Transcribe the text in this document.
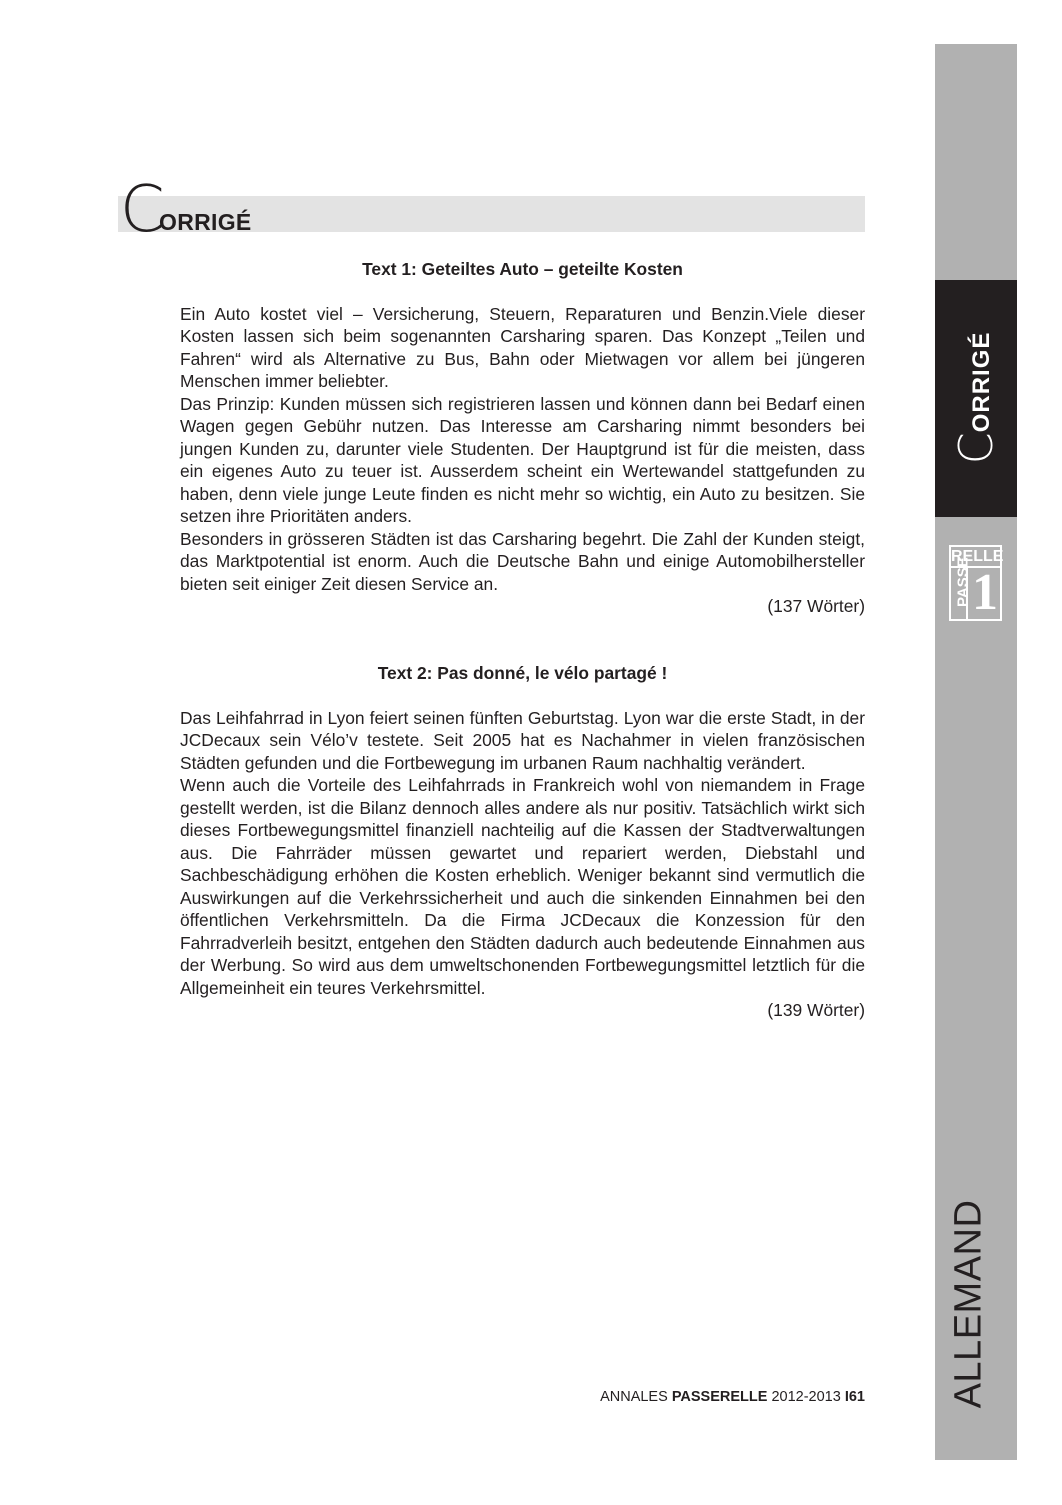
C
ORRIGÉ
CORRIGÉ
RELLE
PASSE 1
ALLEMAND

Text 1: Geteiltes Auto – geteilte Kosten

Ein Auto kostet viel – Versicherung, Steuern, Reparaturen und Benzin.Viele dieser Kosten lassen sich beim sogenannten Carsharing sparen. Das Konzept „Teilen und Fahren“ wird als Alternative zu Bus, Bahn oder Mietwagen vor allem bei jüngeren Menschen immer beliebter.

Das Prinzip: Kunden müssen sich registrieren lassen und können dann bei Bedarf einen Wagen gegen Gebühr nutzen. Das Interesse am Carsharing nimmt besonders bei jungen Kunden zu, darunter viele Studenten. Der Hauptgrund ist für die meisten, dass ein eigenes Auto zu teuer ist. Ausserdem scheint ein Wertewandel stattgefunden zu haben, denn viele junge Leute finden es nicht mehr so wichtig, ein Auto zu besitzen. Sie setzen ihre Prioritäten anders.

Besonders in grösseren Städten ist das Carsharing begehrt. Die Zahl der Kunden steigt, das Marktpotential ist enorm. Auch die Deutsche Bahn und einige Automobilhersteller bieten seit einiger Zeit diesen Service an.

(137 Wörter)

Text 2: Pas donné, le vélo partagé !

Das Leihfahrrad in Lyon feiert seinen fünften Geburtstag. Lyon war die erste Stadt, in der JCDecaux sein Vélo’v testete. Seit 2005 hat es Nachahmer in vielen französischen Städten gefunden und die Fortbewegung im urbanen Raum nachhaltig verändert.

Wenn auch die Vorteile des Leihfahrrads in Frankreich wohl von niemandem in Frage gestellt werden, ist die Bilanz dennoch alles andere als nur positiv. Tatsächlich wirkt sich dieses Fortbewegungsmittel finanziell nachteilig auf die Kassen der Stadtverwaltungen aus. Die Fahrräder müssen gewartet und repariert werden, Diebstahl und Sachbeschädigung erhöhen die Kosten erheblich. Weniger bekannt sind vermutlich die Auswirkungen auf die Verkehrssicherheit und auch die sinkenden Einnahmen bei den öffentlichen Verkehrsmitteln. Da die Firma JCDecaux die Konzession für den Fahrradverleih besitzt, entgehen den Städten dadurch auch bedeutende Einnahmen aus der Werbung. So wird aus dem umweltschonenden Fortbewegungsmittel letztlich für die Allgemeinheit ein teures Verkehrsmittel.

(139 Wörter)

ANNALES PASSERELLE 2012-2013 I61
